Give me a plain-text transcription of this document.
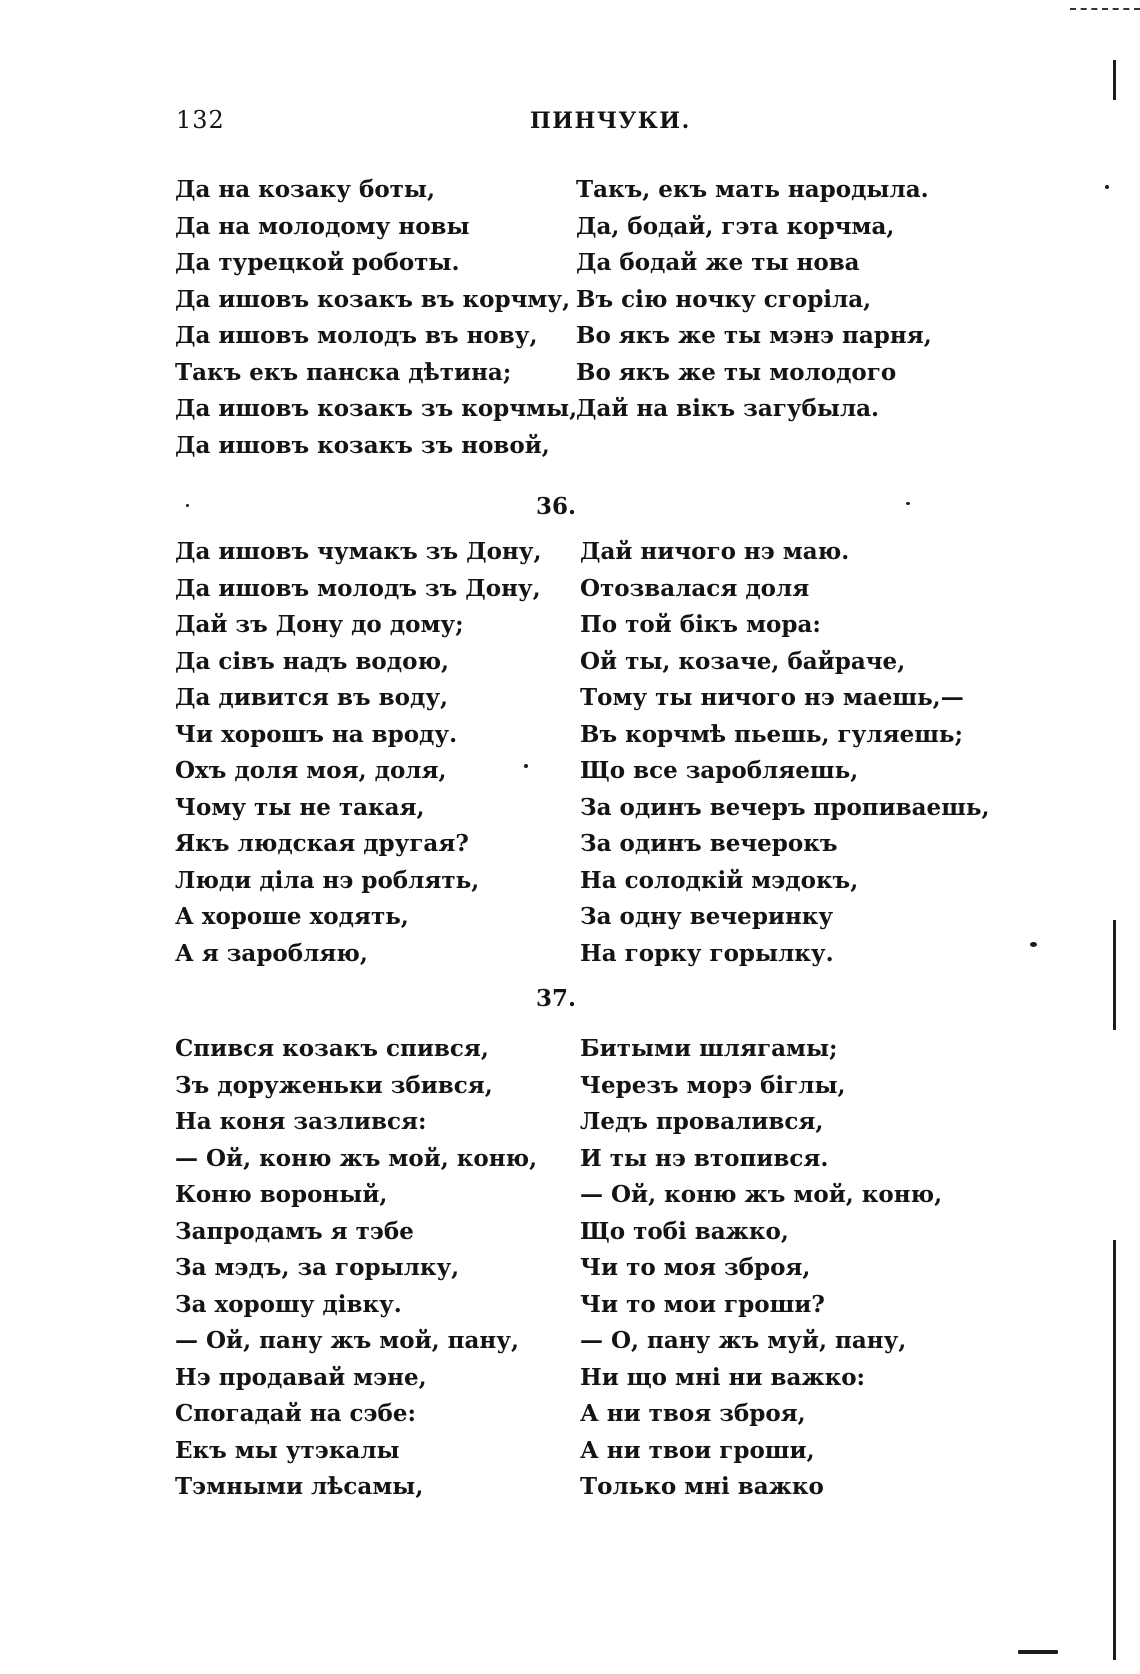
132	ПИНЧУКИ.
Да на козаку боты,
Да на молодому новы
Да турецкой роботы.
Да ишовъ козакъ въ корчму,
Да ишовъ молодъ въ нову,
Такъ екъ панска дѣтина;
Да ишовъ козакъ зъ корчмы,
Да ишовъ козакъ зъ новой,
Такъ, екъ мать народыла.
Да, бодай, гэта корчма,
Да бодай же ты нова
Въ сію ночку сгоріла,
Во якъ же ты мэнэ парня,
Во якъ же ты молодого
Дай на вікъ загубыла.
36.
Да ишовъ чумакъ зъ Дону,
Да ишовъ молодъ зъ Дону,
Дай зъ Дону до дому;
Да сівъ надъ водою,
Да дивится въ воду,
Чи хорошъ на вроду.
Охъ доля моя, доля,
Чому ты не такая,
Якъ людская другая?
Люди діла нэ роблять,
А хороше ходять,
А я заробляю,
Дай ничого нэ маю.
Отозвалася доля
По той бікъ мора:
Ой ты, козаче, байраче,
Тому ты ничого нэ маешь,—
Въ корчмѣ пьешь, гуляешь;
Що все заробляешь,
За одинъ вечеръ пропиваешь,
За одинъ вечерокъ
На солодкій мэдокъ,
За одну вечеринку
На горку горылку.
37.
Спився козакъ спився,
Зъ доруженьки збився,
На коня зазлився:
— Ой, коню жъ мой, коню,
Коню вороный,
Запродамъ я тэбе
За мэдъ, за горылку,
За хорошу дівку.
— Ой, пану жъ мой, пану,
Нэ продавай мэне,
Спогадай на сэбе:
Екъ мы утэкалы
Тэмными лѣсамы,
Битыми шлягамы;
Черезъ морэ біглы,
Ледъ провалився,
И ты нэ втопився.
— Ой, коню жъ мой, коню,
Що тобі важко,
Чи то моя зброя,
Чи то мои гроши?
— О, пану жъ муй, пану,
Ни що мні ни важко:
А ни твоя зброя,
А ни твои гроши,
Только мні важко
